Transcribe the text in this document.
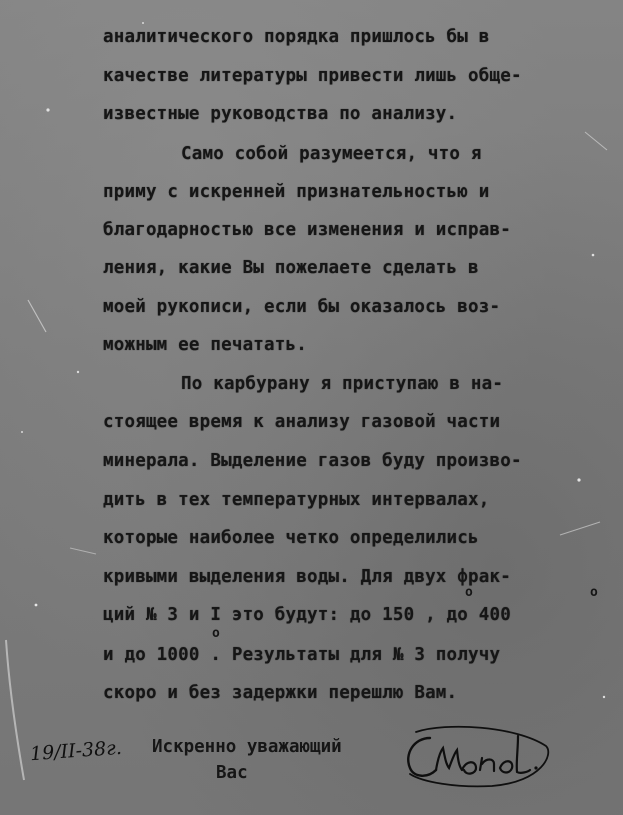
аналитического порядка пришлось бы в
качестве литературы привести лишь обще-
известные руководства по анализу.
Само собой разумеется, что я
приму с искренней признательностью и
благодарностью все изменения и исправ-
ления, какие Вы пожелаете сделать в
моей рукописи, если бы оказалось воз-
можным ее печатать.
По карбурану я приступаю в на-
стоящее время к анализу газовой части
минерала. Выделение газов буду произво-
дить в тех температурных интервалах,
которые наиболее четко определились
кривыми выделения воды. Для двух фрак-
ций № 3 и I это будут: до 150 , до 400
и до 1000 . Результаты для № 3 получу
скоро и без задержки перешлю Вам.
o	o
o
19/II-38г. Искренно уважающий
Вас
